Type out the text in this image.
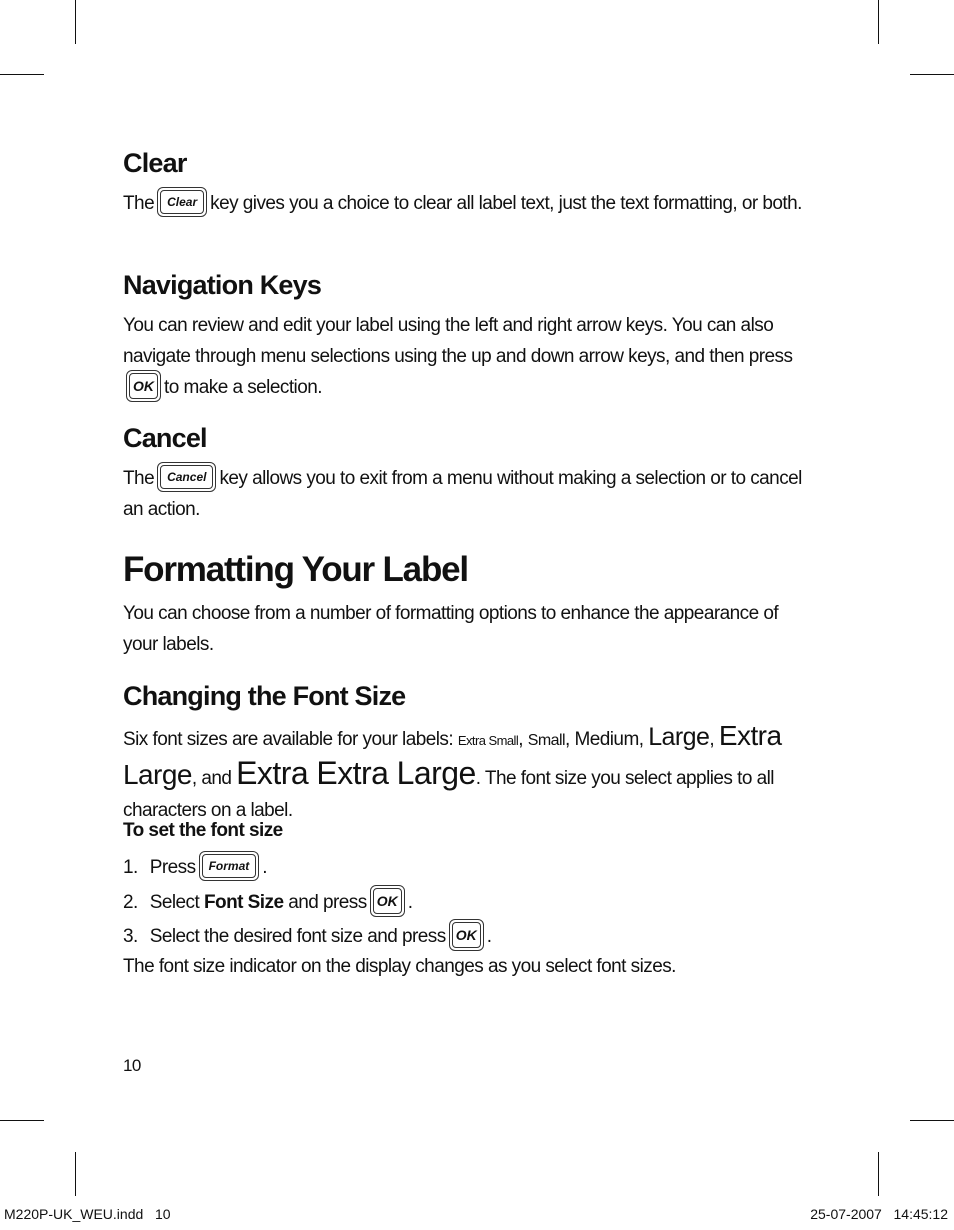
Clear

The	Clear key gives you a choice to clear all label text, just the text formatting, or both.

Navigation Keys

You can review and edit your label using the left and right arrow keys. You can also navigate through menu selections using the up and down arrow keys, and then press
OK to make a selection.

Cancel

The	Cancel key allows you to exit from a menu without making a selection or to cancel an action.

Formatting Your Label

You can choose from a number of formatting options to enhance the appearance of your labels.

Changing the Font Size

Six font sizes are available for your labels: Extra Small, Small, Medium, Large, Extra Large, and Extra Extra Large. The font size you select applies to all characters on a label.

To set the font size

1. Press	Format .

2. Select Font Size and press OK .

3. Select the desired font size and press OK .

The font size indicator on the display changes as you select font sizes.

10

M220P-UK_WEU.indd   10	25-07-2007   14:45:12
